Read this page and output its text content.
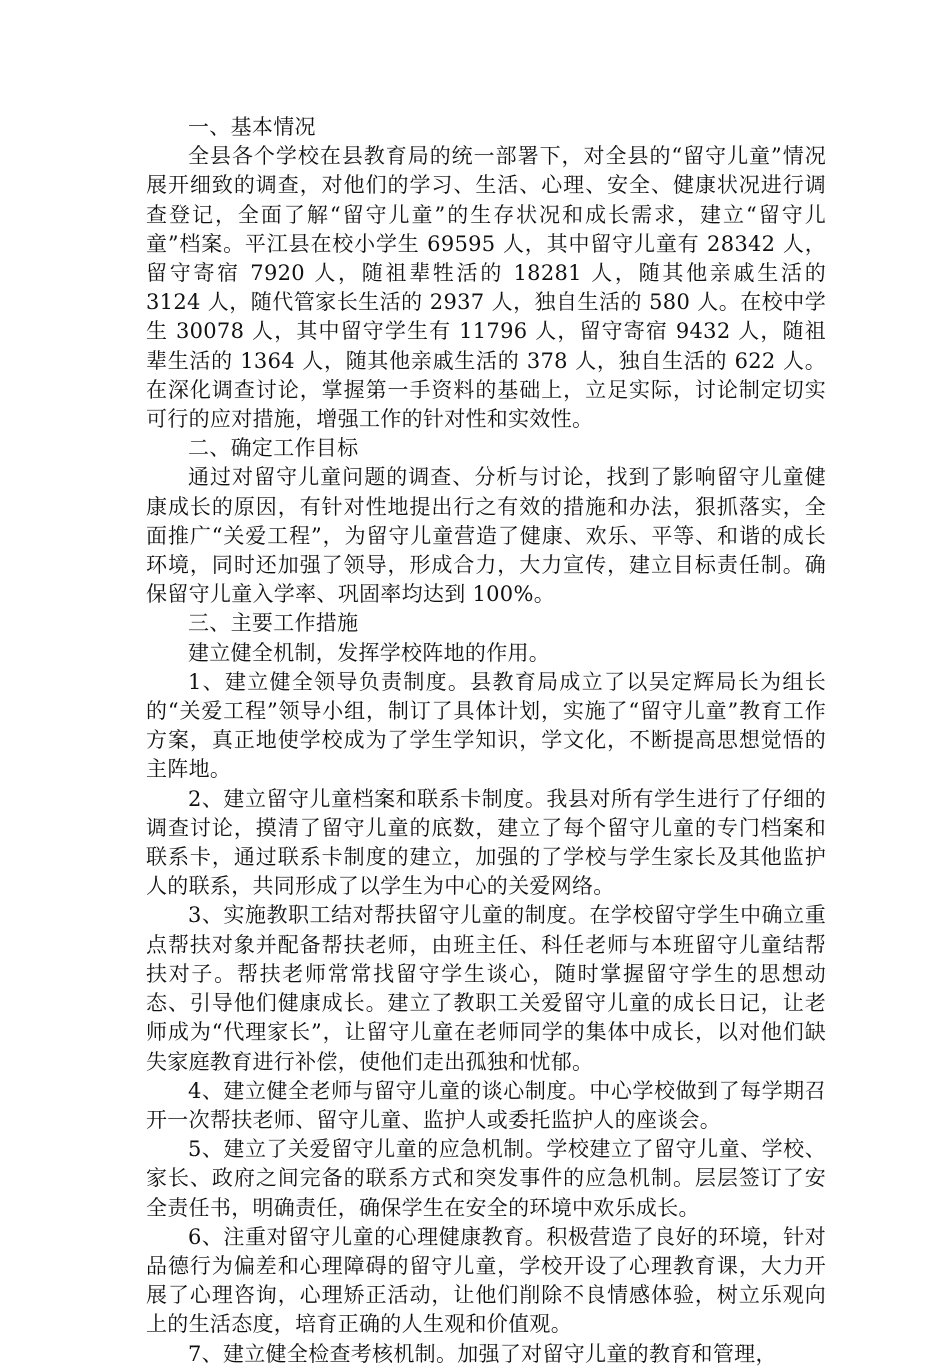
一、基本情况

全县各个学校在县教育局的统一部署下，对全县的“留守儿童”情况展开细致的调查，对他们的学习、生活、心理、安全、健康状况进行调查登记，全面了解“留守儿童”的生存状况和成长需求，建立“留守儿童”档案。平江县在校小学生 69595 人，其中留守儿童有 28342 人，留守寄宿 7920 人，随祖辈牲活的 18281 人，随其他亲戚生活的 3124 人，随代管家长生活的 2937 人，独自生活的 580 人。在校中学生 30078 人，其中留守学生有 11796 人，留守寄宿 9432 人，随祖辈生活的 1364 人，随其他亲戚生活的 378 人，独自生活的 622 人。在深化调查讨论，掌握第一手资料的基础上，立足实际，讨论制定切实可行的应对措施，增强工作的针对性和实效性。

二、确定工作目标

通过对留守儿童问题的调查、分析与讨论，找到了影响留守儿童健康成长的原因，有针对性地提出行之有效的措施和办法，狠抓落实，全面推广“关爱工程”，为留守儿童营造了健康、欢乐、平等、和谐的成长环境，同时还加强了领导，形成合力，大力宣传，建立目标责任制。确保留守儿童入学率、巩固率均达到 100%。

三、主要工作措施

建立健全机制，发挥学校阵地的作用。

1、建立健全领导负责制度。县教育局成立了以吴定辉局长为组长的“关爱工程”领导小组，制订了具体计划，实施了“留守儿童”教育工作方案，真正地使学校成为了学生学知识，学文化，不断提高思想觉悟的主阵地。

2、建立留守儿童档案和联系卡制度。我县对所有学生进行了仔细的调查讨论，摸清了留守儿童的底数，建立了每个留守儿童的专门档案和联系卡，通过联系卡制度的建立，加强的了学校与学生家长及其他监护人的联系，共同形成了以学生为中心的关爱网络。

3、实施教职工结对帮扶留守儿童的制度。在学校留守学生中确立重点帮扶对象并配备帮扶老师，由班主任、科任老师与本班留守儿童结帮扶对子。帮扶老师常常找留守学生谈心，随时掌握留守学生的思想动态、引导他们健康成长。建立了教职工关爱留守儿童的成长日记，让老师成为“代理家长”，让留守儿童在老师同学的集体中成长，以对他们缺失家庭教育进行补偿，使他们走出孤独和忧郁。

4、建立健全老师与留守儿童的谈心制度。中心学校做到了每学期召开一次帮扶老师、留守儿童、监护人或委托监护人的座谈会。

5、建立了关爱留守儿童的应急机制。学校建立了留守儿童、学校、家长、政府之间完备的联系方式和突发事件的应急机制。层层签订了安全责任书，明确责任，确保学生在安全的环境中欢乐成长。

6、注重对留守儿童的心理健康教育。积极营造了良好的环境，针对品德行为偏差和心理障碍的留守儿童，学校开设了心理教育课，大力开展了心理咨询，心理矫正活动，让他们削除不良情感体验，树立乐观向上的生活态度，培育正确的人生观和价值观。

7、建立健全检查考核机制。加强了对留守儿童的教育和管理，
